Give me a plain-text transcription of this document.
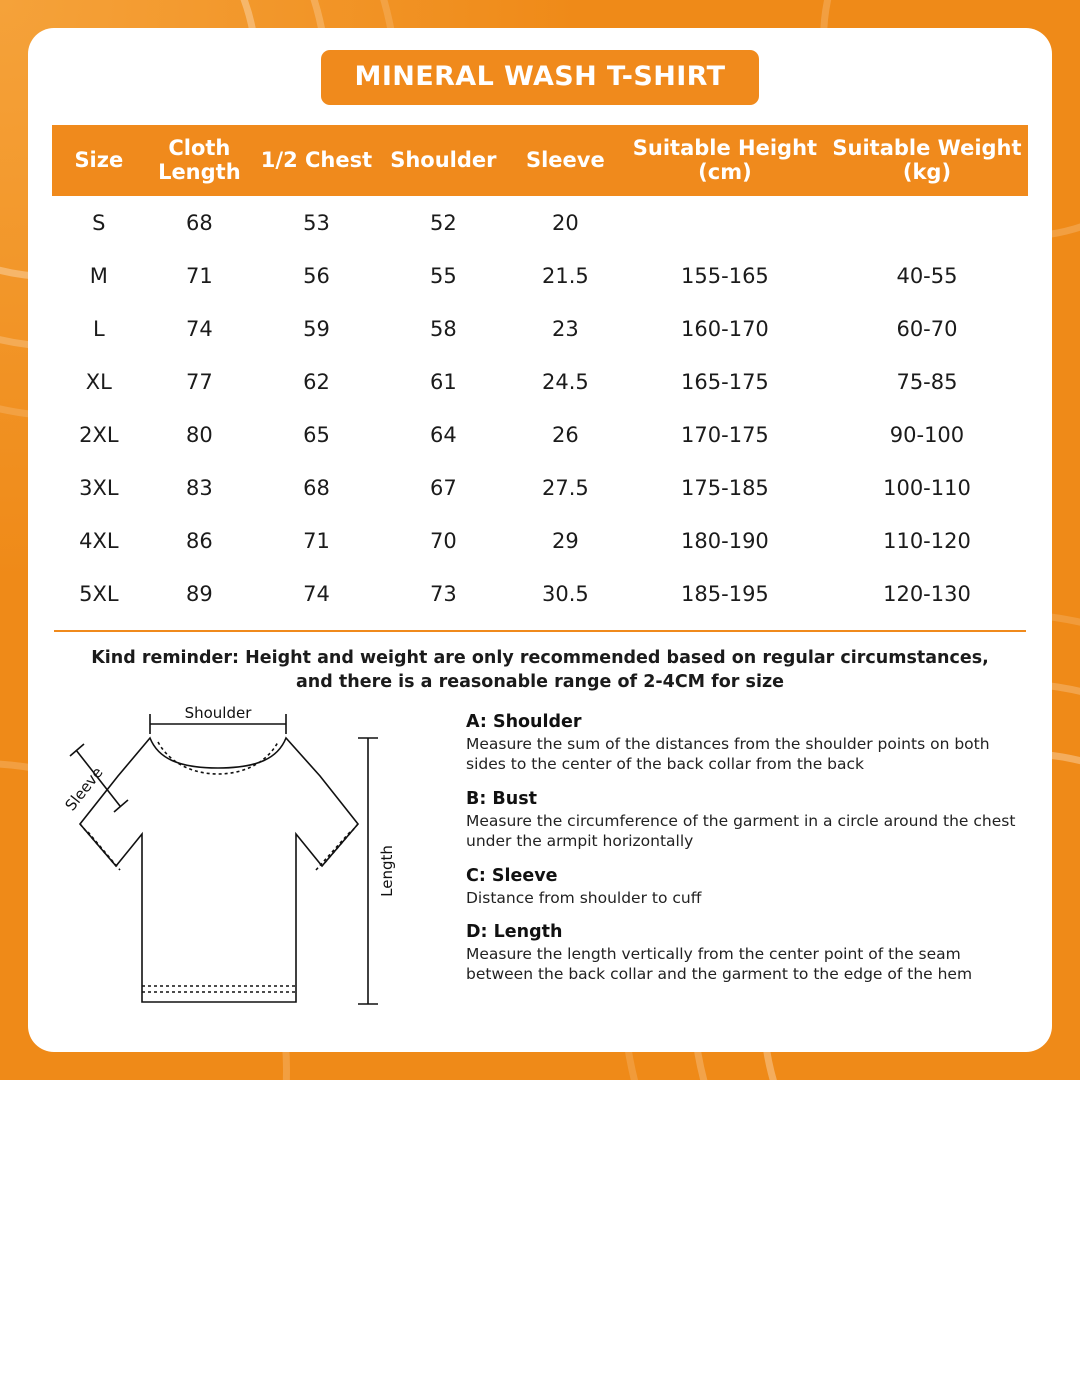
MINERAL WASH T-SHIRT
Size	Cloth Length	1/2 Chest	Shoulder	Sleeve	Suitable Height (cm)	Suitable Weight (kg)
S	68	53	52	20		
M	71	56	55	21.5	155-165	40-55
L	74	59	58	23	160-170	60-70
XL	77	62	61	24.5	165-175	75-85
2XL	80	65	64	26	170-175	90-100
3XL	83	68	67	27.5	175-185	100-110
4XL	86	71	70	29	180-190	110-120
5XL	89	74	73	30.5	185-195	120-130
Kind reminder: Height and weight are only recommended based on regular circumstances, and there is a reasonable range of 2-4CM for size
Shoulder
Sleeve
Length
A: Shoulder
Measure the sum of the distances from the shoulder points on both sides to the center of the back collar from the back
B: Bust
Measure the circumference of the garment in a circle around the chest under the armpit horizontally
C: Sleeve
Distance from shoulder to cuff
D: Length
Measure the length vertically from the center point of the seam between the back collar and the garment to the edge of the hem
